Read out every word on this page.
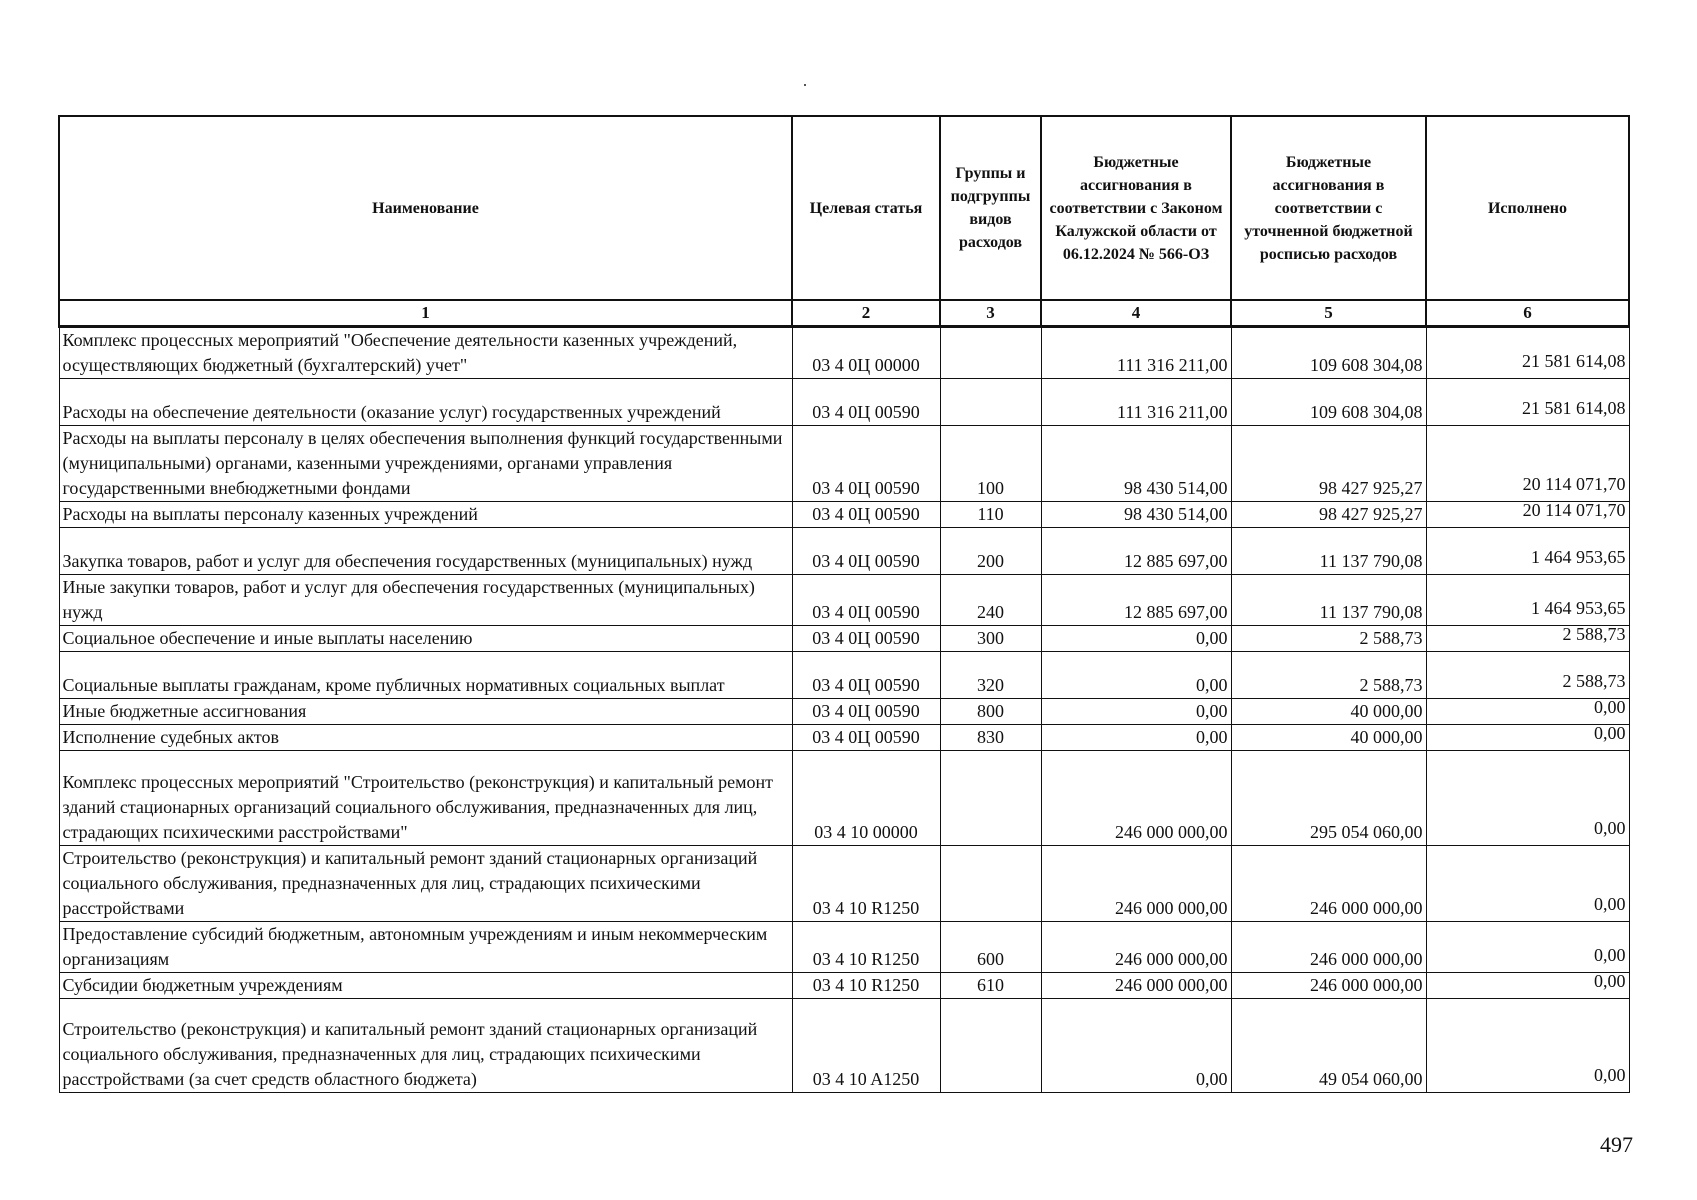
Наименование	Целевая статья	Группы и подгруппы видов расходов	Бюджетные ассигнования в соответствии с Законом Калужской области от 06.12.2024 № 566-ОЗ	Бюджетные ассигнования в соответствии с уточненной бюджетной росписью расходов	Исполнено
1	2	3	4	5	6
Комплекс процессных мероприятий "Обеспечение деятельности казенных учреждений, осуществляющих бюджетный (бухгалтерский) учет"	03 4 0Ц 00000		111 316 211,00	109 608 304,08	21 581 614,08
Расходы на обеспечение деятельности (оказание услуг) государственных учреждений	03 4 0Ц 00590		111 316 211,00	109 608 304,08	21 581 614,08
Расходы на выплаты персоналу в целях обеспечения выполнения функций государственными (муниципальными) органами, казенными учреждениями, органами управления государственными внебюджетными фондами	03 4 0Ц 00590	100	98 430 514,00	98 427 925,27	20 114 071,70
Расходы на выплаты персоналу казенных учреждений	03 4 0Ц 00590	110	98 430 514,00	98 427 925,27	20 114 071,70
Закупка товаров, работ и услуг для обеспечения государственных (муниципальных) нужд	03 4 0Ц 00590	200	12 885 697,00	11 137 790,08	1 464 953,65
Иные закупки товаров, работ и услуг для обеспечения государственных (муниципальных) нужд	03 4 0Ц 00590	240	12 885 697,00	11 137 790,08	1 464 953,65
Социальное обеспечение и иные выплаты населению	03 4 0Ц 00590	300	0,00	2 588,73	2 588,73
Социальные выплаты гражданам, кроме публичных нормативных социальных выплат	03 4 0Ц 00590	320	0,00	2 588,73	2 588,73
Иные бюджетные ассигнования	03 4 0Ц 00590	800	0,00	40 000,00	0,00
Исполнение судебных актов	03 4 0Ц 00590	830	0,00	40 000,00	0,00
Комплекс процессных мероприятий "Строительство (реконструкция) и капитальный ремонт зданий стационарных организаций социального обслуживания, предназначенных для лиц, страдающих психическими расстройствами"	03 4 10 00000		246 000 000,00	295 054 060,00	0,00
Строительство (реконструкция) и капитальный ремонт зданий стационарных организаций социального обслуживания, предназначенных для лиц, страдающих психическими расстройствами	03 4 10 R1250		246 000 000,00	246 000 000,00	0,00
Предоставление субсидий бюджетным, автономным учреждениям и иным некоммерческим организациям	03 4 10 R1250	600	246 000 000,00	246 000 000,00	0,00
Субсидии бюджетным учреждениям	03 4 10 R1250	610	246 000 000,00	246 000 000,00	0,00
Строительство (реконструкция) и капитальный ремонт зданий стационарных организаций социального обслуживания, предназначенных для лиц, страдающих психическими расстройствами (за счет средств областного бюджета)	03 4 10 A1250		0,00	49 054 060,00	0,00
497
